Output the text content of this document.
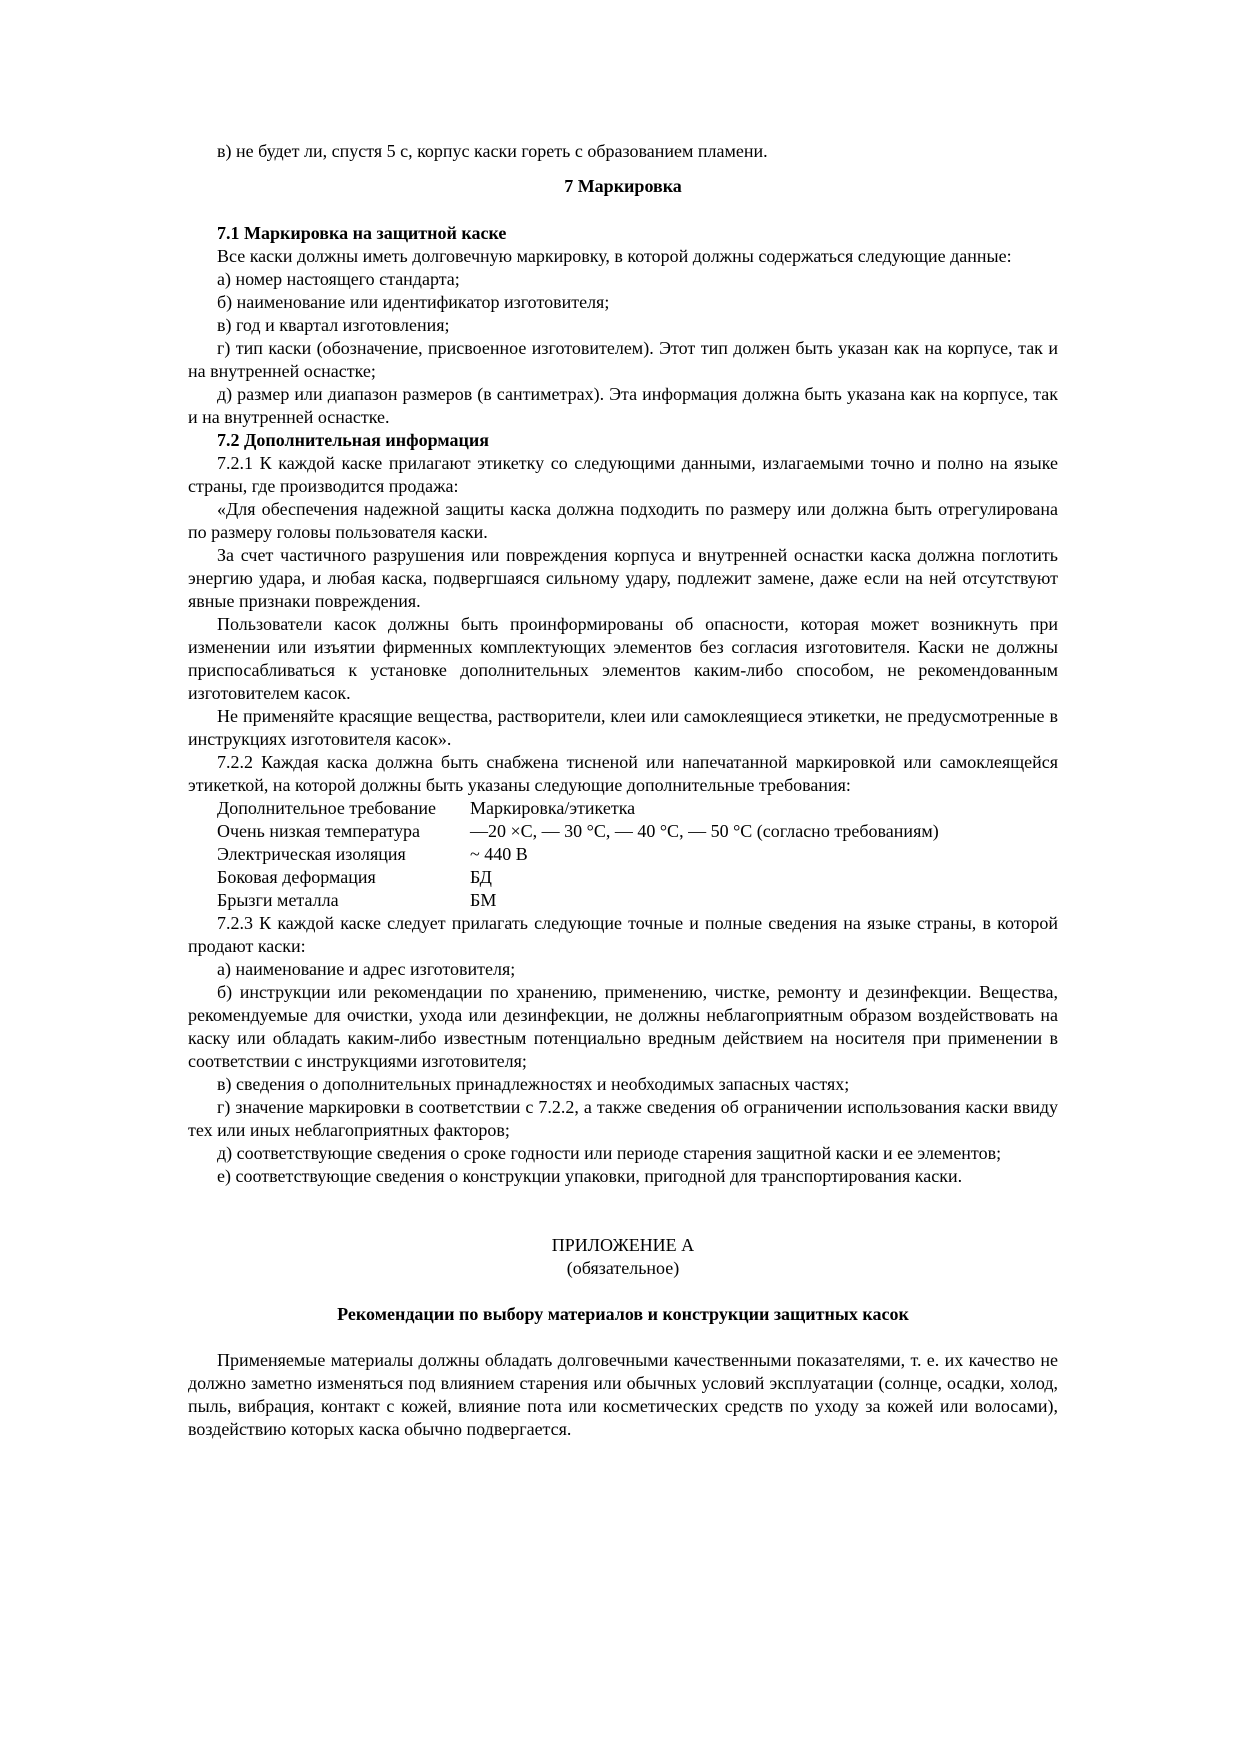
в) не будет ли, спустя 5 с, корпус каски гореть с образованием пламени.

7 Маркировка

7.1 Маркировка на защитной каске

Все каски должны иметь долговечную маркировку, в которой должны содержаться следующие данные:

а) номер настоящего стандарта;

б) наименование или идентификатор изготовителя;

в) год и квартал изготовления;

г) тип каски (обозначение, присвоенное изготовителем). Этот тип должен быть указан как на корпусе, так и на внутренней оснастке;

д) размер или диапазон размеров (в сантиметрах). Эта информация должна быть указана как на корпусе, так и на внутренней оснастке.

7.2 Дополнительная информация

7.2.1 К каждой каске прилагают этикетку со следующими данными, излагаемыми точно и полно на языке страны, где производится продажа:

«Для обеспечения надежной защиты каска должна подходить по размеру или должна быть отрегулирована по размеру головы пользователя каски.

За счет частичного разрушения или повреждения корпуса и внутренней оснастки каска должна поглотить энергию удара, и любая каска, подвергшаяся сильному удару, подлежит замене, даже если на ней отсутствуют явные признаки повреждения.

Пользователи касок должны быть проинформированы об опасности, которая может возникнуть при изменении или изъятии фирменных комплектующих элементов без согласия изготовителя. Каски не должны приспосабливаться к установке дополнительных элементов каким-либо способом, не рекомендованным изготовителем касок.

Не применяйте красящие вещества, растворители, клеи или самоклеящиеся этикетки, не предусмотренные в инструкциях изготовителя касок».

7.2.2 Каждая каска должна быть снабжена тисненой или напечатанной маркировкой или самоклеящейся этикеткой, на которой должны быть указаны следующие дополнительные требования:

Дополнительное требование	Маркировка/этикетка
Очень низкая температура	—20 ×С, — 30 °С, — 40 °С, — 50 °С (согласно требованиям)
Электрическая изоляция	~ 440 В
Боковая деформация	БД
Брызги металла	БМ

7.2.3 К каждой каске следует прилагать следующие точные и полные сведения на языке страны, в которой продают каски:

а) наименование и адрес изготовителя;

б) инструкции или рекомендации по хранению, применению, чистке, ремонту и дезинфекции. Вещества, рекомендуемые для очистки, ухода или дезинфекции, не должны неблагоприятным образом воздействовать на каску или обладать каким-либо известным потенциально вредным действием на носителя при применении в соответствии с инструкциями изготовителя;

в) сведения о дополнительных принадлежностях и необходимых запасных частях;

г) значение маркировки в соответствии с 7.2.2, а также сведения об ограничении использования каски ввиду тех или иных неблагоприятных факторов;

д) соответствующие сведения о сроке годности или периоде старения защитной каски и ее элементов;

е) соответствующие сведения о конструкции упаковки, пригодной для транспортирования каски.

ПРИЛОЖЕНИЕ А

(обязательное)

Рекомендации по выбору материалов и конструкции защитных касок

Применяемые материалы должны обладать долговечными качественными показателями, т. е. их качество не должно заметно изменяться под влиянием старения или обычных условий эксплуатации (солнце, осадки, холод, пыль, вибрация, контакт с кожей, влияние пота или косметических средств по уходу за кожей или волосами), воздействию которых каска обычно подвергается.
